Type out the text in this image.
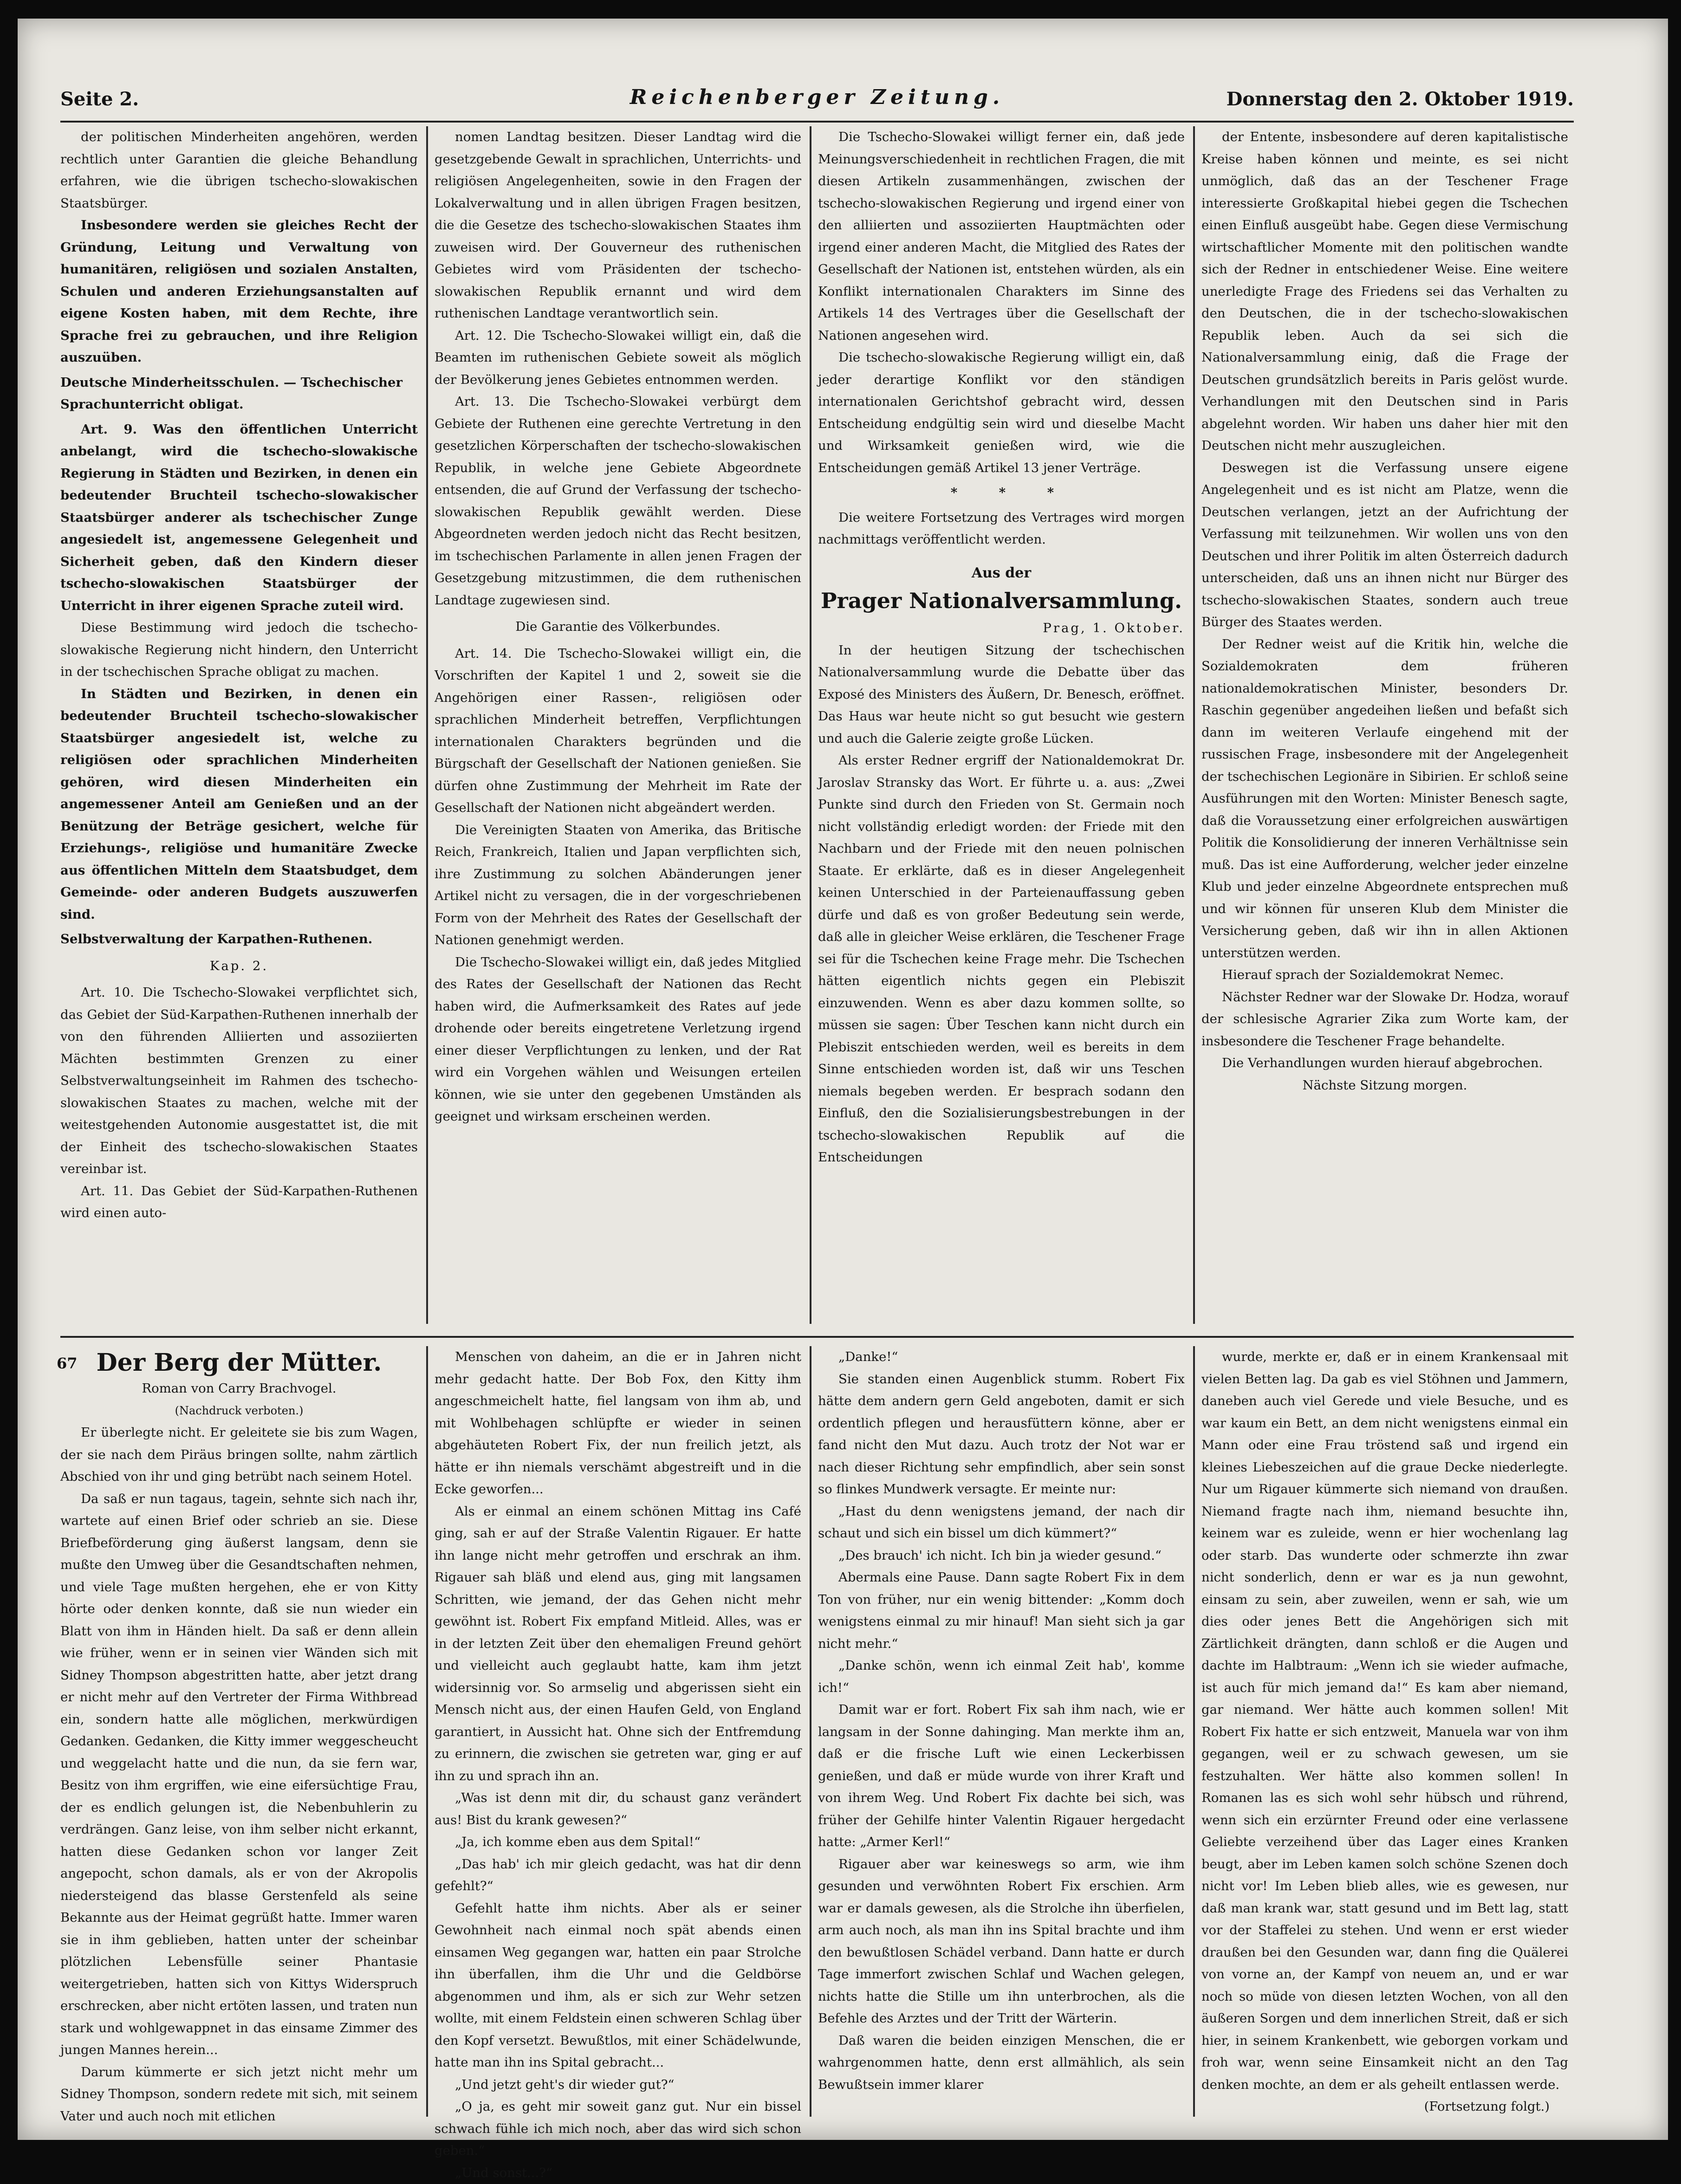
Seite 2.	Reichenberger Zeitung.	Donnerstag den 2. Oktober 1919.

der politischen Minderheiten angehören, werden rechtlich unter Garantien die gleiche Behandlung erfahren, wie die übrigen tschecho-slowakischen Staatsbürger.

Insbesondere werden sie gleiches Recht der Gründung, Leitung und Verwaltung von humanitären, religiösen und sozialen Anstalten, Schulen und anderen Erziehungsanstalten auf eigene Kosten haben, mit dem Rechte, ihre Sprache frei zu gebrauchen, und ihre Religion auszuüben.

Deutsche Minderheitsschulen. — Tschechischer Sprachunterricht obligat.

Art. 9. Was den öffentlichen Unterricht anbelangt, wird die tschecho-slowakische Regierung in Städten und Bezirken, in denen ein bedeutender Bruchteil tschecho-slowakischer Staatsbürger anderer als tschechischer Zunge angesiedelt ist, angemessene Gelegenheit und Sicherheit geben, daß den Kindern dieser tschecho-slowakischen Staatsbürger der Unterricht in ihrer eigenen Sprache zuteil wird.

Diese Bestimmung wird jedoch die tschecho-slowakische Regierung nicht hindern, den Unterricht in der tschechischen Sprache obligat zu machen.

In Städten und Bezirken, in denen ein bedeutender Bruchteil tschecho-slowakischer Staatsbürger angesiedelt ist, welche zu religiösen oder sprachlichen Minderheiten gehören, wird diesen Minderheiten ein angemessener Anteil am Genießen und an der Benützung der Beträge gesichert, welche für Erziehungs-, religiöse und humanitäre Zwecke aus öffentlichen Mitteln dem Staatsbudget, dem Gemeinde- oder anderen Budgets auszuwerfen sind.

Selbstverwaltung der Karpathen-Ruthenen.

Kap. 2.

Art. 10. Die Tschecho-Slowakei verpflichtet sich, das Gebiet der Süd-Karpathen-Ruthenen innerhalb der von den führenden Alliierten und assoziierten Mächten bestimmten Grenzen zu einer Selbstverwaltungseinheit im Rahmen des tschecho-slowakischen Staates zu machen, welche mit der weitestgehenden Autonomie ausgestattet ist, die mit der Einheit des tschecho-slowakischen Staates vereinbar ist.

Art. 11. Das Gebiet der Süd-Karpathen-Ruthenen wird einen auto-

nomen Landtag besitzen. Dieser Landtag wird die gesetzgebende Gewalt in sprachlichen, Unterrichts- und religiösen Angelegenheiten, sowie in den Fragen der Lokalverwaltung und in allen übrigen Fragen besitzen, die die Gesetze des tschecho-slowakischen Staates ihm zuweisen wird. Der Gouverneur des ruthenischen Gebietes wird vom Präsidenten der tschecho-slowakischen Republik ernannt und wird dem ruthenischen Landtage verantwortlich sein.

Art. 12. Die Tschecho-Slowakei willigt ein, daß die Beamten im ruthenischen Gebiete soweit als möglich der Bevölkerung jenes Gebietes entnommen werden.

Art. 13. Die Tschecho-Slowakei verbürgt dem Gebiete der Ruthenen eine gerechte Vertretung in den gesetzlichen Körperschaften der tschecho-slowakischen Republik, in welche jene Gebiete Abgeordnete entsenden, die auf Grund der Verfassung der tschecho-slowakischen Republik gewählt werden. Diese Abgeordneten werden jedoch nicht das Recht besitzen, im tschechischen Parlamente in allen jenen Fragen der Gesetzgebung mitzustimmen, die dem ruthenischen Landtage zugewiesen sind.

Die Garantie des Völkerbundes.

Art. 14. Die Tschecho-Slowakei willigt ein, die Vorschriften der Kapitel 1 und 2, soweit sie die Angehörigen einer Rassen-, religiösen oder sprachlichen Minderheit betreffen, Verpflichtungen internationalen Charakters begründen und die Bürgschaft der Gesellschaft der Nationen genießen. Sie dürfen ohne Zustimmung der Mehrheit im Rate der Gesellschaft der Nationen nicht abgeändert werden.

Die Vereinigten Staaten von Amerika, das Britische Reich, Frankreich, Italien und Japan verpflichten sich, ihre Zustimmung zu solchen Abänderungen jener Artikel nicht zu versagen, die in der vorgeschriebenen Form von der Mehrheit des Rates der Gesellschaft der Nationen genehmigt werden.

Die Tschecho-Slowakei willigt ein, daß jedes Mitglied des Rates der Gesellschaft der Nationen das Recht haben wird, die Aufmerksamkeit des Rates auf jede drohende oder bereits eingetretene Verletzung irgend einer dieser Verpflichtungen zu lenken, und der Rat wird ein Vorgehen wählen und Weisungen erteilen können, wie sie unter den gegebenen Umständen als geeignet und wirksam erscheinen werden.

Die Tschecho-Slowakei willigt ferner ein, daß jede Meinungsverschiedenheit in rechtlichen Fragen, die mit diesen Artikeln zusammenhängen, zwischen der tschecho-slowakischen Regierung und irgend einer von den alliierten und assoziierten Hauptmächten oder irgend einer anderen Macht, die Mitglied des Rates der Gesellschaft der Nationen ist, entstehen würden, als ein Konflikt internationalen Charakters im Sinne des Artikels 14 des Vertrages über die Gesellschaft der Nationen angesehen wird.

Die tschecho-slowakische Regierung willigt ein, daß jeder derartige Konflikt vor den ständigen internationalen Gerichtshof gebracht wird, dessen Entscheidung endgültig sein wird und dieselbe Macht und Wirksamkeit genießen wird, wie die Entscheidungen gemäß Artikel 13 jener Verträge.

* * *

Die weitere Fortsetzung des Vertrages wird morgen nachmittags veröffentlicht werden.

Aus der

Prager Nationalversammlung.

Prag, 1. Oktober.

In der heutigen Sitzung der tschechischen Nationalversammlung wurde die Debatte über das Exposé des Ministers des Äußern, Dr. Benesch, eröffnet. Das Haus war heute nicht so gut besucht wie gestern und auch die Galerie zeigte große Lücken.

Als erster Redner ergriff der Nationaldemokrat Dr. Jaroslav Stransky das Wort. Er führte u. a. aus: „Zwei Punkte sind durch den Frieden von St. Germain noch nicht vollständig erledigt worden: der Friede mit den Nachbarn und der Friede mit den neuen polnischen Staate. Er erklärte, daß es in dieser Angelegenheit keinen Unterschied in der Parteienauffassung geben dürfe und daß es von großer Bedeutung sein werde, daß alle in gleicher Weise erklären, die Teschener Frage sei für die Tschechen keine Frage mehr. Die Tschechen hätten eigentlich nichts gegen ein Plebiszit einzuwenden. Wenn es aber dazu kommen sollte, so müssen sie sagen: Über Teschen kann nicht durch ein Plebiszit entschieden werden, weil es bereits in dem Sinne entschieden worden ist, daß wir uns Teschen niemals begeben werden. Er besprach sodann den Einfluß, den die Sozialisierungsbestrebungen in der tschecho-slowakischen Republik auf die Entscheidungen

der Entente, insbesondere auf deren kapitalistische Kreise haben können und meinte, es sei nicht unmöglich, daß das an der Teschener Frage interessierte Großkapital hiebei gegen die Tschechen einen Einfluß ausgeübt habe. Gegen diese Vermischung wirtschaftlicher Momente mit den politischen wandte sich der Redner in entschiedener Weise. Eine weitere unerledigte Frage des Friedens sei das Verhalten zu den Deutschen, die in der tschecho-slowakischen Republik leben. Auch da sei sich die Nationalversammlung einig, daß die Frage der Deutschen grundsätzlich bereits in Paris gelöst wurde. Verhandlungen mit den Deutschen sind in Paris abgelehnt worden. Wir haben uns daher hier mit den Deutschen nicht mehr auszugleichen.

Deswegen ist die Verfassung unsere eigene Angelegenheit und es ist nicht am Platze, wenn die Deutschen verlangen, jetzt an der Aufrichtung der Verfassung mit teilzunehmen. Wir wollen uns von den Deutschen und ihrer Politik im alten Österreich dadurch unterscheiden, daß uns an ihnen nicht nur Bürger des tschecho-slowakischen Staates, sondern auch treue Bürger des Staates werden.

Der Redner weist auf die Kritik hin, welche die Sozialdemokraten dem früheren nationaldemokratischen Minister, besonders Dr. Raschin gegenüber angedeihen ließen und befaßt sich dann im weiteren Verlaufe eingehend mit der russischen Frage, insbesondere mit der Angelegenheit der tschechischen Legionäre in Sibirien. Er schloß seine Ausführungen mit den Worten: Minister Benesch sagte, daß die Voraussetzung einer erfolgreichen auswärtigen Politik die Konsolidierung der inneren Verhältnisse sein muß. Das ist eine Aufforderung, welcher jeder einzelne Klub und jeder einzelne Abgeordnete entsprechen muß und wir können für unseren Klub dem Minister die Versicherung geben, daß wir ihn in allen Aktionen unterstützen werden.

Hierauf sprach der Sozialdemokrat Nemec.

Nächster Redner war der Slowake Dr. Hodza, worauf der schlesische Agrarier Zika zum Worte kam, der insbesondere die Teschener Frage behandelte.

Die Verhandlungen wurden hierauf abgebrochen.

Nächste Sitzung morgen.

67 Der Berg der Mütter.
Roman von Carry Brachvogel.
(Nachdruck verboten.)

Er überlegte nicht. Er geleitete sie bis zum Wagen, der sie nach dem Piräus bringen sollte, nahm zärtlich Abschied von ihr und ging betrübt nach seinem Hotel.

Da saß er nun tagaus, tagein, sehnte sich nach ihr, wartete auf einen Brief oder schrieb an sie. Diese Briefbeförderung ging äußerst langsam, denn sie mußte den Umweg über die Gesandtschaften nehmen, und viele Tage mußten hergehen, ehe er von Kitty hörte oder denken konnte, daß sie nun wieder ein Blatt von ihm in Händen hielt. Da saß er denn allein wie früher, wenn er in seinen vier Wänden sich mit Sidney Thompson abgestritten hatte, aber jetzt drang er nicht mehr auf den Vertreter der Firma Withbread ein, sondern hatte alle möglichen, merkwürdigen Gedanken. Gedanken, die Kitty immer weggescheucht und weggelacht hatte und die nun, da sie fern war, Besitz von ihm ergriffen, wie eine eifersüchtige Frau, der es endlich gelungen ist, die Nebenbuhlerin zu verdrängen. Ganz leise, von ihm selber nicht erkannt, hatten diese Gedanken schon vor langer Zeit angepocht, schon damals, als er von der Akropolis niedersteigend das blasse Gerstenfeld als seine Bekannte aus der Heimat gegrüßt hatte. Immer waren sie in ihm geblieben, hatten unter der scheinbar plötzlichen Lebensfülle seiner Phantasie weitergetrieben, hatten sich von Kittys Widerspruch erschrecken, aber nicht ertöten lassen, und traten nun stark und wohlgewappnet in das einsame Zimmer des jungen Mannes herein...

Darum kümmerte er sich jetzt nicht mehr um Sidney Thompson, sondern redete mit sich, mit seinem Vater und auch noch mit etlichen

Menschen von daheim, an die er in Jahren nicht mehr gedacht hatte. Der Bob Fox, den Kitty ihm angeschmeichelt hatte, fiel langsam von ihm ab, und mit Wohlbehagen schlüpfte er wieder in seinen abgehäuteten Robert Fix, der nun freilich jetzt, als hätte er ihn niemals verschämt abgestreift und in die Ecke geworfen...

Als er einmal an einem schönen Mittag ins Café ging, sah er auf der Straße Valentin Rigauer. Er hatte ihn lange nicht mehr getroffen und erschrak an ihm. Rigauer sah bläß und elend aus, ging mit langsamen Schritten, wie jemand, der das Gehen nicht mehr gewöhnt ist. Robert Fix empfand Mitleid. Alles, was er in der letzten Zeit über den ehemaligen Freund gehört und vielleicht auch geglaubt hatte, kam ihm jetzt widersinnig vor. So armselig und abgerissen sieht ein Mensch nicht aus, der einen Haufen Geld, von England garantiert, in Aussicht hat. Ohne sich der Entfremdung zu erinnern, die zwischen sie getreten war, ging er auf ihn zu und sprach ihn an.

„Was ist denn mit dir, du schaust ganz verändert aus! Bist du krank gewesen?“

„Ja, ich komme eben aus dem Spital!“

„Das hab' ich mir gleich gedacht, was hat dir denn gefehlt?“

Gefehlt hatte ihm nichts. Aber als er seiner Gewohnheit nach einmal noch spät abends einen einsamen Weg gegangen war, hatten ein paar Strolche ihn überfallen, ihm die Uhr und die Geldbörse abgenommen und ihm, als er sich zur Wehr setzen wollte, mit einem Feldstein einen schweren Schlag über den Kopf versetzt. Bewußtlos, mit einer Schädelwunde, hatte man ihn ins Spital gebracht...

„Und jetzt geht's dir wieder gut?“

„O ja, es geht mir soweit ganz gut. Nur ein bissel schwach fühle ich mich noch, aber das wird sich schon geben.“

„Und sonst...?“

„Danke!“

Sie standen einen Augenblick stumm. Robert Fix hätte dem andern gern Geld angeboten, damit er sich ordentlich pflegen und herausfüttern könne, aber er fand nicht den Mut dazu. Auch trotz der Not war er nach dieser Richtung sehr empfindlich, aber sein sonst so flinkes Mundwerk versagte. Er meinte nur:

„Hast du denn wenigstens jemand, der nach dir schaut und sich ein bissel um dich kümmert?“

„Des brauch' ich nicht. Ich bin ja wieder gesund.“

Abermals eine Pause. Dann sagte Robert Fix in dem Ton von früher, nur ein wenig bittender: „Komm doch wenigstens einmal zu mir hinauf! Man sieht sich ja gar nicht mehr.“

„Danke schön, wenn ich einmal Zeit hab', komme ich!“

Damit war er fort. Robert Fix sah ihm nach, wie er langsam in der Sonne dahinging. Man merkte ihm an, daß er die frische Luft wie einen Leckerbissen genießen, und daß er müde wurde von ihrer Kraft und von ihrem Weg. Und Robert Fix dachte bei sich, was früher der Gehilfe hinter Valentin Rigauer hergedacht hatte: „Armer Kerl!“

Rigauer aber war keineswegs so arm, wie ihm gesunden und verwöhnten Robert Fix erschien. Arm war er damals gewesen, als die Strolche ihn überfielen, arm auch noch, als man ihn ins Spital brachte und ihm den bewußtlosen Schädel verband. Dann hatte er durch Tage immerfort zwischen Schlaf und Wachen gelegen, nichts hatte die Stille um ihn unterbrochen, als die Befehle des Arztes und der Tritt der Wärterin.

Daß waren die beiden einzigen Menschen, die er wahrgenommen hatte, denn erst allmählich, als sein Bewußtsein immer klarer

wurde, merkte er, daß er in einem Krankensaal mit vielen Betten lag. Da gab es viel Stöhnen und Jammern, daneben auch viel Gerede und viele Besuche, und es war kaum ein Bett, an dem nicht wenigstens einmal ein Mann oder eine Frau tröstend saß und irgend ein kleines Liebeszeichen auf die graue Decke niederlegte. Nur um Rigauer kümmerte sich niemand von draußen. Niemand fragte nach ihm, niemand besuchte ihn, keinem war es zuleide, wenn er hier wochenlang lag oder starb. Das wunderte oder schmerzte ihn zwar nicht sonderlich, denn er war es ja nun gewohnt, einsam zu sein, aber zuweilen, wenn er sah, wie um dies oder jenes Bett die Angehörigen sich mit Zärtlichkeit drängten, dann schloß er die Augen und dachte im Halbtraum: „Wenn ich sie wieder aufmache, ist auch für mich jemand da!“ Es kam aber niemand, gar niemand. Wer hätte auch kommen sollen! Mit Robert Fix hatte er sich entzweit, Manuela war von ihm gegangen, weil er zu schwach gewesen, um sie festzuhalten. Wer hätte also kommen sollen! In Romanen las es sich wohl sehr hübsch und rührend, wenn sich ein erzürnter Freund oder eine verlassene Geliebte verzeihend über das Lager eines Kranken beugt, aber im Leben kamen solch schöne Szenen doch nicht vor! Im Leben blieb alles, wie es gewesen, nur daß man krank war, statt gesund und im Bett lag, statt vor der Staffelei zu stehen. Und wenn er erst wieder draußen bei den Gesunden war, dann fing die Quälerei von vorne an, der Kampf von neuem an, und er war noch so müde von diesen letzten Wochen, von all den äußeren Sorgen und dem innerlichen Streit, daß er sich hier, in seinem Krankenbett, wie geborgen vorkam und froh war, wenn seine Einsamkeit nicht an den Tag denken mochte, an dem er als geheilt entlassen werde.

(Fortsetzung folgt.)
